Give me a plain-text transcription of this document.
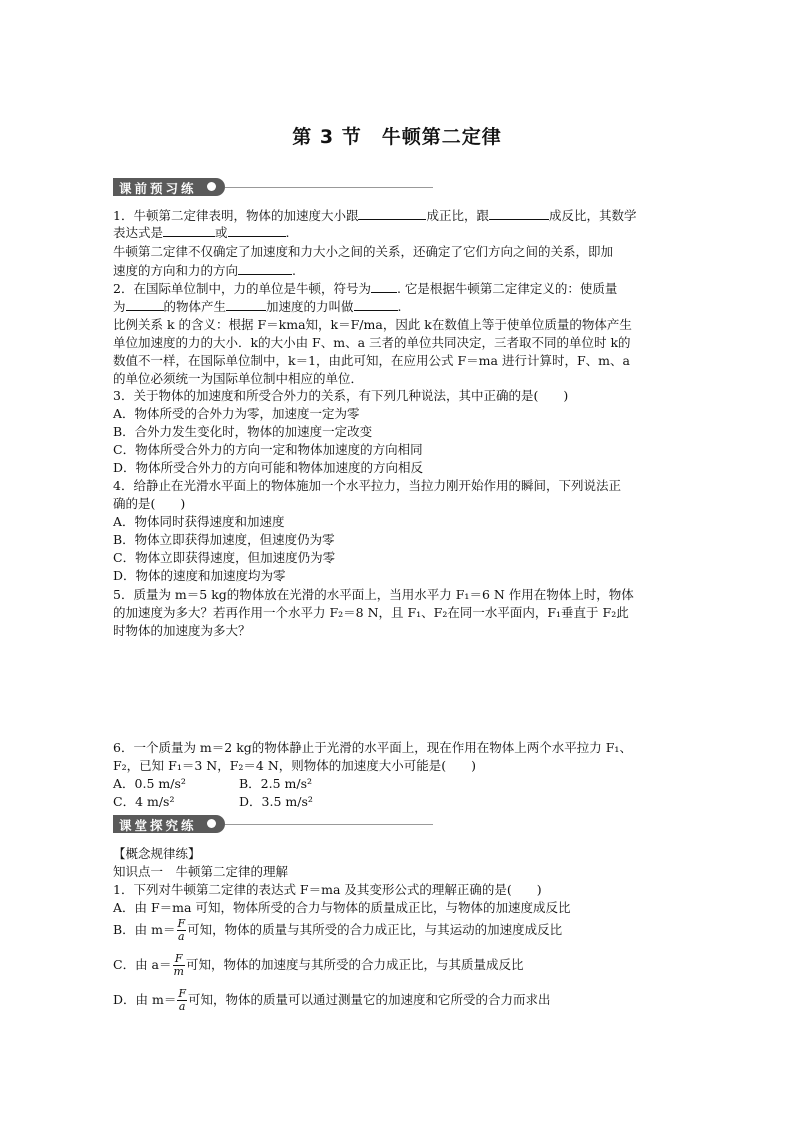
第 3 节　牛顿第二定律
课前预习练
1．牛顿第二定律表明，物体的加速度大小跟	成正比，跟	成反比，其数学
表达式是	或	.
牛顿第二定律不仅确定了加速度和力大小之间的关系，还确定了它们方向之间的关系，即加
速度的方向和力的方向	.
2．在国际单位制中，力的单位是牛顿，符号为 . 它是根据牛顿第二定律定义的：使质量
为	的物体产生	加速度的力叫做	.
比例关系 k 的含义：根据 F＝kma知，k＝F/ma，因此 k在数值上等于使单位质量的物体产生
单位加速度的力的大小．k的大小由 F、m、a 三者的单位共同决定，三者取不同的单位时 k的
数值不一样，在国际单位制中，k＝1，由此可知，在应用公式 F＝ma 进行计算时，F、m、a
的单位必须统一为国际单位制中相应的单位．
3．关于物体的加速度和所受合外力的关系，有下列几种说法，其中正确的是(　　)
A．物体所受的合外力为零，加速度一定为零
B．合外力发生变化时，物体的加速度一定改变
C．物体所受合外力的方向一定和物体加速度的方向相同
D．物体所受合外力的方向可能和物体加速度的方向相反
4．给静止在光滑水平面上的物体施加一个水平拉力，当拉力刚开始作用的瞬间，下列说法正
确的是(　　)
A．物体同时获得速度和加速度
B．物体立即获得加速度，但速度仍为零
C．物体立即获得速度，但加速度仍为零
D．物体的速度和加速度均为零
5．质量为 m＝5 kg的物体放在光滑的水平面上，当用水平力 F₁＝6 N 作用在物体上时，物体
的加速度为多大？若再作用一个水平力 F₂＝8 N，且 F₁、F₂在同一水平面内，F₁垂直于 F₂此
时物体的加速度为多大？
6．一个质量为 m＝2 kg的物体静止于光滑的水平面上，现在作用在物体上两个水平拉力 F₁、
F₂，已知 F₁＝3 N，F₂＝4 N，则物体的加速度大小可能是(　　)
A．0.5 m/s²	B．2.5 m/s²
C．4 m/s²	D．3.5 m/s²
课堂探究练
【概念规律练】
知识点一　牛顿第二定律的理解
1．下列对牛顿第二定律的表达式 F＝ma 及其变形公式的理解正确的是(　　)
A．由 F＝ma 可知，物体所受的合力与物体的质量成正比，与物体的加速度成反比
B．由 $m= \frac{F}{a}$ 可知，物体的质量与其所受的合力成正比，与其运动的加速度成反比
C．由 $a= \frac{F}{m}$ 可知，物体的加速度与其所受的合力成正比，与其质量成反比
D．由 $m= \frac{F}{a}$ 可知，物体的质量可以通过测量它的加速度和它所受的合力而求出
